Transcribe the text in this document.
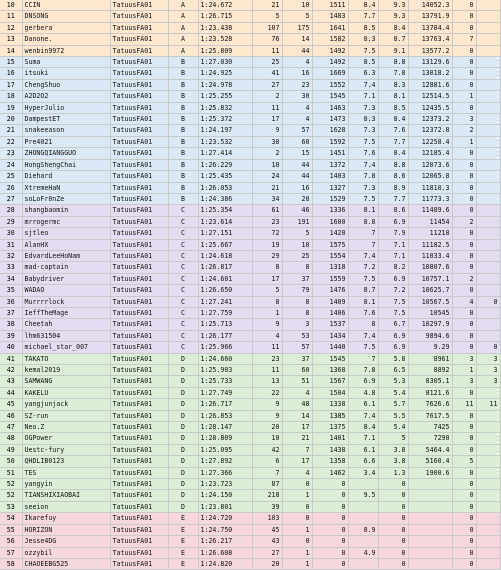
10	CCIN	TatuusFA01	A	1:24.672	21	10	1511	8.4	9.3	14052.3	0	
11	DNSONG	TatuusFA01	A	1:26.715	5	5	1483	7.7	9.3	13791.9	0	
12	gerbera	TatuusFA01	A	1:23.438	107	175	1641	8.5	8.4	13784.4	0	
13	Danone.	TatuusFA01	A	1:23.528	76	14	1582	8.3	8.7	13763.4	7	
14	wenbin9972	TatuusFA01	A	1:25.809	11	44	1492	7.5	9.1	13577.2	0	
15	Suma	TatuusFA01	B	1:27.030	25	4	1492	8.5	8.8	13129.6	0	
16	itsuki	TatuusFA01	B	1:24.925	41	16	1669	6.3	7.8	13018.2	0	
17	ChengShuo	TatuusFA01	B	1:24.978	27	23	1552	7.4	8.3	12881.6	0	
18	A2D2O2	TatuusFA01	B	1:25.255	2	30	1545	7.1	8.1	12514.5	1	
19	HyperJulio	TatuusFA01	B	1:25.832	11	4	1463	7.3	8.5	12435.5	0	
20	DampestET	TatuusFA01	B	1:25.372	17	4	1473	8.3	8.4	12373.2	3	
21	snakeeason	TatuusFA01	B	1:24.197	9	57	1628	7.3	7.6	12372.8	2	
22	Pre4021	TatuusFA01	B	1:23.532	38	60	1592	7.5	7.7	12258.4	1	
23	ZHONGQIANGGUO	TatuusFA01	B	1:27.414	2	15	1451	7.6	8.4	12185.4	0	
24	HongShengChai	TatuusFA01	B	1:26.229	10	44	1372	7.4	8.8	12073.6	0	
25	Diehard	TatuusFA01	B	1:25.435	24	44	1403	7.8	8.6	12065.8	0	
26	XtremeHaN	TatuusFA01	B	1:26.053	21	16	1327	7.3	8.9	11810.3	0	
27	soLoFr0nZe	TatuusFA01	B	1:24.386	34	28	1529	7.5	7.7	11773.3	0	
28	shangbaomin	TatuusFA01	C	1:25.354	61	46	1336	8.1	8.6	11489.6	0	
29	mrrogermc	TatuusFA01	C	1:23.614	23	191	1600	8.8	6.9	11454	2	
30	sjtleo	TatuusFA01	C	1:27.151	72	5	1420	7	7.9	11218	0	
31	AlanHX	TatuusFA01	C	1:25.667	19	10	1575	7	7.1	11182.5	0	
32	EdvardLeeHoNam	TatuusFA01	C	1:24.618	29	25	1554	7.4	7.1	11033.4	0	
33	mad-captain	TatuusFA01	C	1:26.817	8	8	1318	7.2	8.2	10807.6	0	
34	Babydriver	TatuusFA01	C	1:24.601	17	37	1559	7.5	6.9	10757.1	2	
35	WADAO	TatuusFA01	C	1:26.650	5	79	1476	8.7	7.2	10625.7	0	
36	Murrrrlock	TatuusFA01	C	1:27.241	8	8	1409	8.1	7.5	10567.5	4	0
37	IeffTheMage	TatuusFA01	C	1:27.759	1	8	1406	7.6	7.5	10545	0	
38	Cheetah	TatuusFA01	C	1:25.713	9	3	1537	8	6.7	10297.9	0	
39	lhm631504	TatuusFA01	C	1:26.177	4	53	1434	7.4	6.9	9894.6	0	
40	michael_star_007	TatuusFA01	C	1:25.966	11	57	1440	7.5	6.9	9.29	0	0
41	TAKATO	TatuusFA01	D	1:24.660	23	37	1545	7	5.8	8961	3	3
42	kemal2019	TatuusFA01	D	1:25.903	11	60	1368	7.8	6.5	8892	1	3
43	SAMWANG	TatuusFA01	D	1:25.733	13	51	1567	6.9	5.3	8305.1	3	3
44	KAKELU	TatuusFA01	D	1:27.749	22	4	1504	4.8	5.4	8121.6	0	
45	yangjunjack	TatuusFA01	D	1:26.717	9	48	1338	6.1	5.7	7626.6	11	11
46	SZ-run	TatuusFA01	D	1:26.853	9	14	1385	7.4	5.5	7617.5	0	
47	Neo.Z	TatuusFA01	D	1:28.147	20	17	1375	8.4	5.4	7425	0	
48	OGPower	TatuusFA01	D	1:28.809	10	21	1401	7.1	5	7290	0	
49	Uestc-fury	TatuusFA01	D	1:25.095	42	7	1438	6.1	3.8	5464.4	0	
50	QHDLIB0123	TatuusFA01	D	1:27.892	6	17	1358	6.6	3.8	5160.4	5	
51	TES	TatuusFA01	D	1:27.366	7	4	1462	3.4	1.3	1900.6	0	
52	yangyin	TatuusFA01	D	1:23.723	87	0	0		0		0	
52	TIANSHIXIAOBAI	TatuusFA01	D	1:24.150	218	1	0	9.5	0		0	
53	seeion	TatuusFA01	D	1:23.801	39	0	0		0		0	
54	Ikarefuy	TatuusFA01	E	1:24.720	103	0	0		0		0	
55	HORIZON	TatuusFA01	E	1:24.750	45	1	0	8.9	0		0	
56	Jesse4DG	TatuusFA01	E	1:26.217	43	0	0		0		0	
57	ozzybil	TatuusFA01	E	1:26.608	27	1	0	4.9	0		0	
58	CHAOEEBG525	TatuusFA01	E	1:24.820	20	1	0		0		0	
